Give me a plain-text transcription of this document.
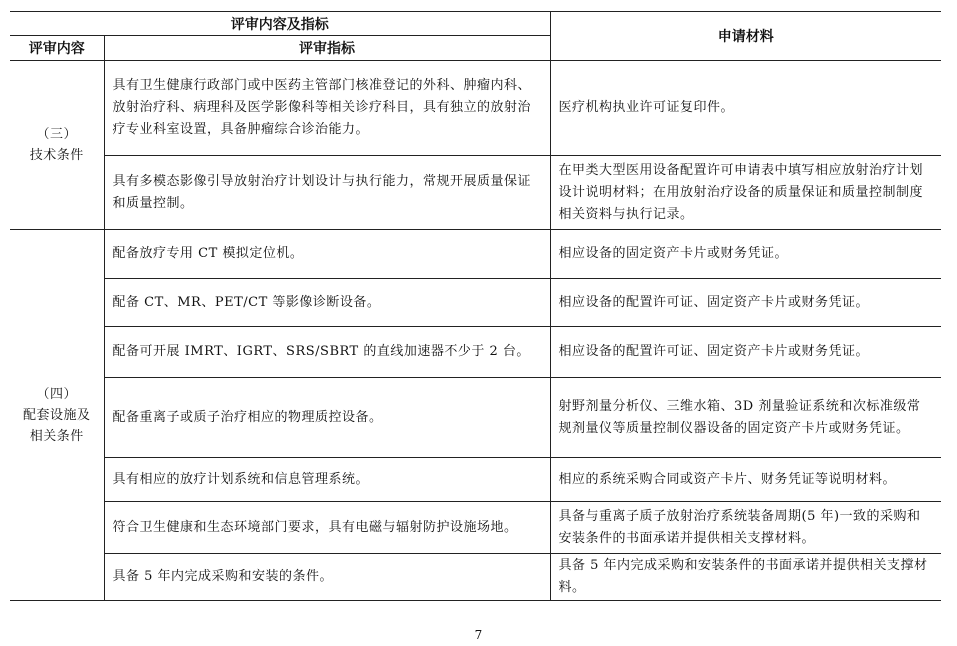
评审内容及指标		申请材料
评审内容	评审指标	

（三）
技术条件	具有卫生健康行政部门或中医药主管部门核准登记的外科、肿瘤内科、放射治疗科、病理科及医学影像科等相关诊疗科目，具有独立的放射治疗专业科室设置，具备肿瘤综合诊治能力。	医疗机构执业许可证复印件。
	具有多模态影像引导放射治疗计划设计与执行能力，常规开展质量保证和质量控制。	在甲类大型医用设备配置许可申请表中填写相应放射治疗计划设计说明材料；在用放射治疗设备的质量保证和质量控制制度相关资料与执行记录。

（四）
配套设施及
相关条件	配备放疗专用 CT 模拟定位机。	相应设备的固定资产卡片或财务凭证。
	配备 CT、MR、PET/CT 等影像诊断设备。	相应设备的配置许可证、固定资产卡片或财务凭证。
	配备可开展 IMRT、IGRT、SRS/SBRT 的直线加速器不少于 2 台。	相应设备的配置许可证、固定资产卡片或财务凭证。
	配备重离子或质子治疗相应的物理质控设备。	射野剂量分析仪、三维水箱、3D 剂量验证系统和次标准级常规剂量仪等质量控制仪器设备的固定资产卡片或财务凭证。
	具有相应的放疗计划系统和信息管理系统。	相应的系统采购合同或资产卡片、财务凭证等说明材料。
	符合卫生健康和生态环境部门要求，具有电磁与辐射防护设施场地。	具备与重离子质子放射治疗系统装备周期(5 年)一致的采购和安装条件的书面承诺并提供相关支撑材料。
	具备 5 年内完成采购和安装的条件。	具备 5 年内完成采购和安装条件的书面承诺并提供相关支撑材料。
7
